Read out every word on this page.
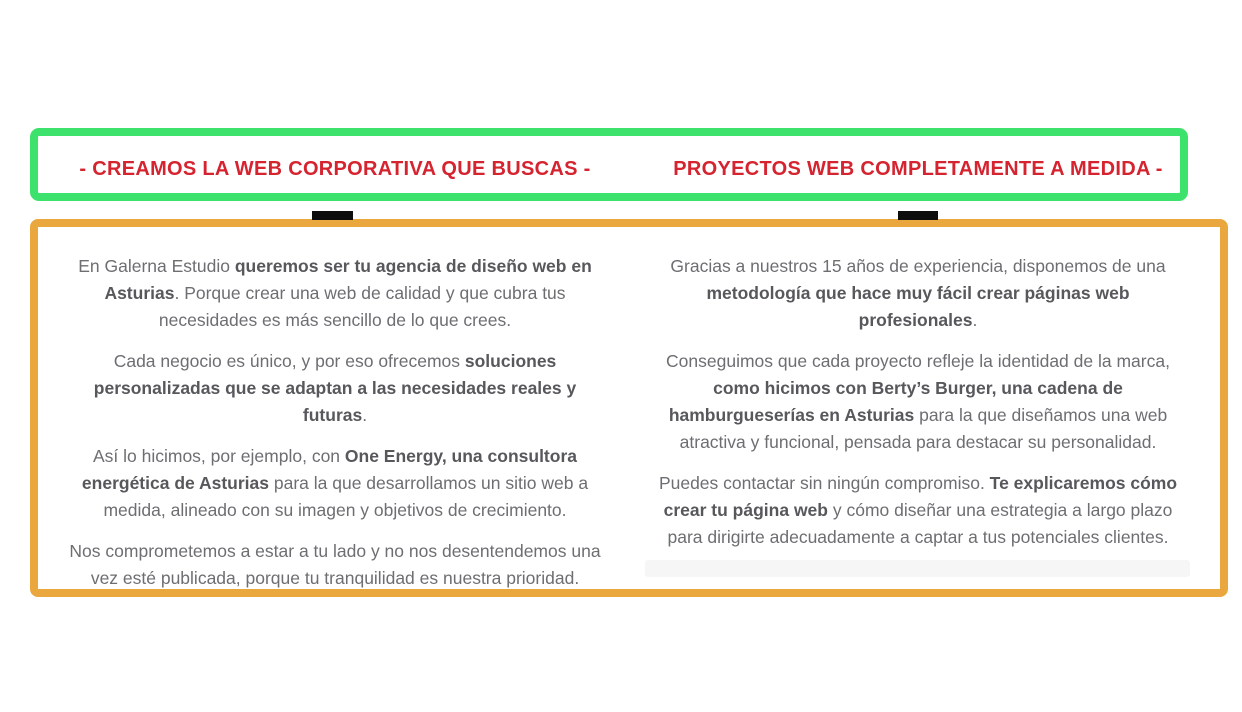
- CREAMOS LA WEB CORPORATIVA QUE BUSCAS -	PROYECTOS WEB COMPLETAMENTE A MEDIDA -

En Galerna Estudio queremos ser tu agencia de diseño web en Asturias. Porque crear una web de calidad y que cubra tus necesidades es más sencillo de lo que crees.

Cada negocio es único, y por eso ofrecemos soluciones personalizadas que se adaptan a las necesidades reales y futuras.

Así lo hicimos, por ejemplo, con One Energy, una consultora energética de Asturias para la que desarrollamos un sitio web a medida, alineado con su imagen y objetivos de crecimiento.

Nos comprometemos a estar a tu lado y no nos desentendemos una vez esté publicada, porque tu tranquilidad es nuestra prioridad.

Gracias a nuestros 15 años de experiencia, disponemos de una metodología que hace muy fácil crear páginas web profesionales.

Conseguimos que cada proyecto refleje la identidad de la marca, como hicimos con Berty’s Burger, una cadena de hamburgueserías en Asturias para la que diseñamos una web atractiva y funcional, pensada para destacar su personalidad.

Puedes contactar sin ningún compromiso. Te explicaremos cómo crear tu página web y cómo diseñar una estrategia a largo plazo para dirigirte adecuadamente a captar a tus potenciales clientes.
